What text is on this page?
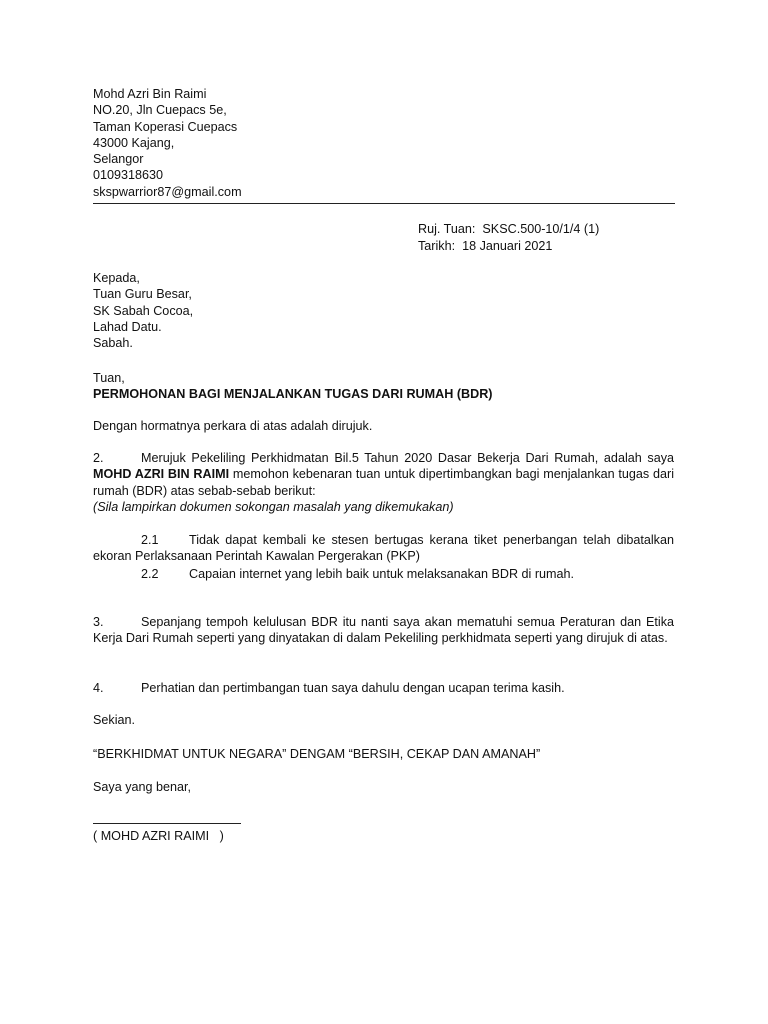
Mohd Azri Bin Raimi
NO.20, Jln Cuepacs 5e,
Taman Koperasi Cuepacs
43000 Kajang,
Selangor
0109318630
skspwarrior87@gmail.com
Ruj. Tuan: SKSC.500-10/1/4 (1)
Tarikh: 18 Januari 2021
Kepada,
Tuan Guru Besar,
SK Sabah Cocoa,
Lahad Datu.
Sabah.
Tuan,
PERMOHONAN BAGI MENJALANKAN TUGAS DARI RUMAH (BDR)
Dengan hormatnya perkara di atas adalah dirujuk.
2.	Merujuk Pekeliling Perkhidmatan Bil.5 Tahun 2020 Dasar Bekerja Dari Rumah, adalah saya MOHD AZRI BIN RAIMI memohon kebenaran tuan untuk dipertimbangkan bagi menjalankan tugas dari rumah (BDR) atas sebab-sebab berikut:
(Sila lampirkan dokumen sokongan masalah yang dikemukakan)
2.1 Tidak dapat kembali ke stesen bertugas kerana tiket penerbangan telah dibatalkan ekoran Perlaksanaan Perintah Kawalan Pergerakan (PKP)
2.2 Capaian internet yang lebih baik untuk melaksanakan BDR di rumah.
3.	Sepanjang tempoh kelulusan BDR itu nanti saya akan mematuhi semua Peraturan dan Etika Kerja Dari Rumah seperti yang dinyatakan di dalam Pekeliling perkhidmata seperti yang dirujuk di atas.
4.	Perhatian dan pertimbangan tuan saya dahulu dengan ucapan terima kasih.
Sekian.
“BERKHIDMAT UNTUK NEGARA” DENGAM “BERSIH, CEKAP DAN AMANAH”
Saya yang benar,
( MOHD AZRI RAIMI   )
